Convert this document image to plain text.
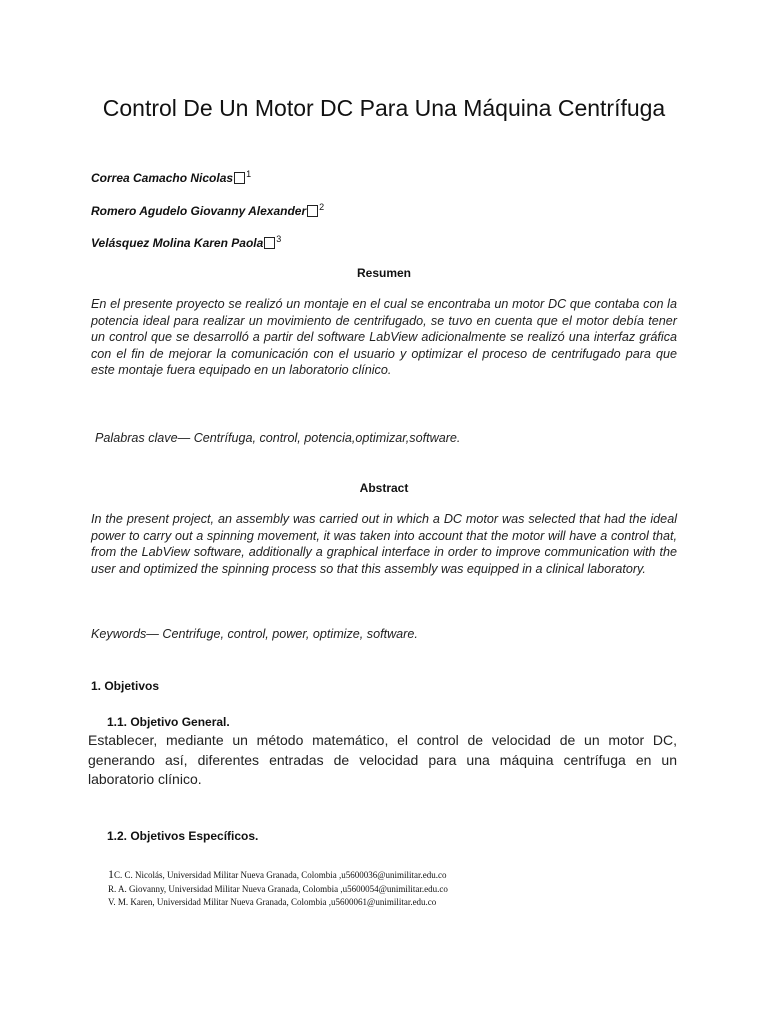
Control De Un Motor DC Para Una Máquina Centrífuga
Correa Camacho Nicolas $^1$
Romero Agudelo Giovanny Alexander $^2$
Velásquez Molina Karen Paola $^3$
Resumen
En el presente proyecto se realizó un montaje en el cual se encontraba un motor DC que contaba con la potencia ideal para realizar un movimiento de centrifugado, se tuvo en cuenta que el motor debía tener un control que se desarrolló a partir del software LabView adicionalmente se realizó una interfaz gráfica con el fin de mejorar la comunicación con el usuario y optimizar el proceso de centrifugado para que este montaje fuera equipado en un laboratorio clínico.
Palabras clave— Centrífuga, control, potencia,optimizar,software.
Abstract
In the present project, an assembly was carried out in which a DC motor was selected that had the ideal power to carry out a spinning movement, it was taken into account that the motor will have a control that, from the LabView software, additionally a graphical interface in order to improve communication with the user and optimized the spinning process so that this assembly was equipped in a clinical laboratory.
Keywords— Centrifuge, control, power, optimize, software.
1. Objetivos
1.1. Objetivo General.
Establecer, mediante un método matemático, el control de velocidad de un motor DC, generando así, diferentes entradas de velocidad para una máquina centrífuga en un laboratorio clínico.
1.2. Objetivos Específicos.
1C. C. Nicolás, Universidad Militar Nueva Granada, Colombia ,u5600036@unimilitar.edu.co
R. A. Giovanny, Universidad Militar Nueva Granada, Colombia ,u5600054@unimilitar.edu.co
V. M. Karen, Universidad Militar Nueva Granada, Colombia ,u5600061@unimilitar.edu.co
